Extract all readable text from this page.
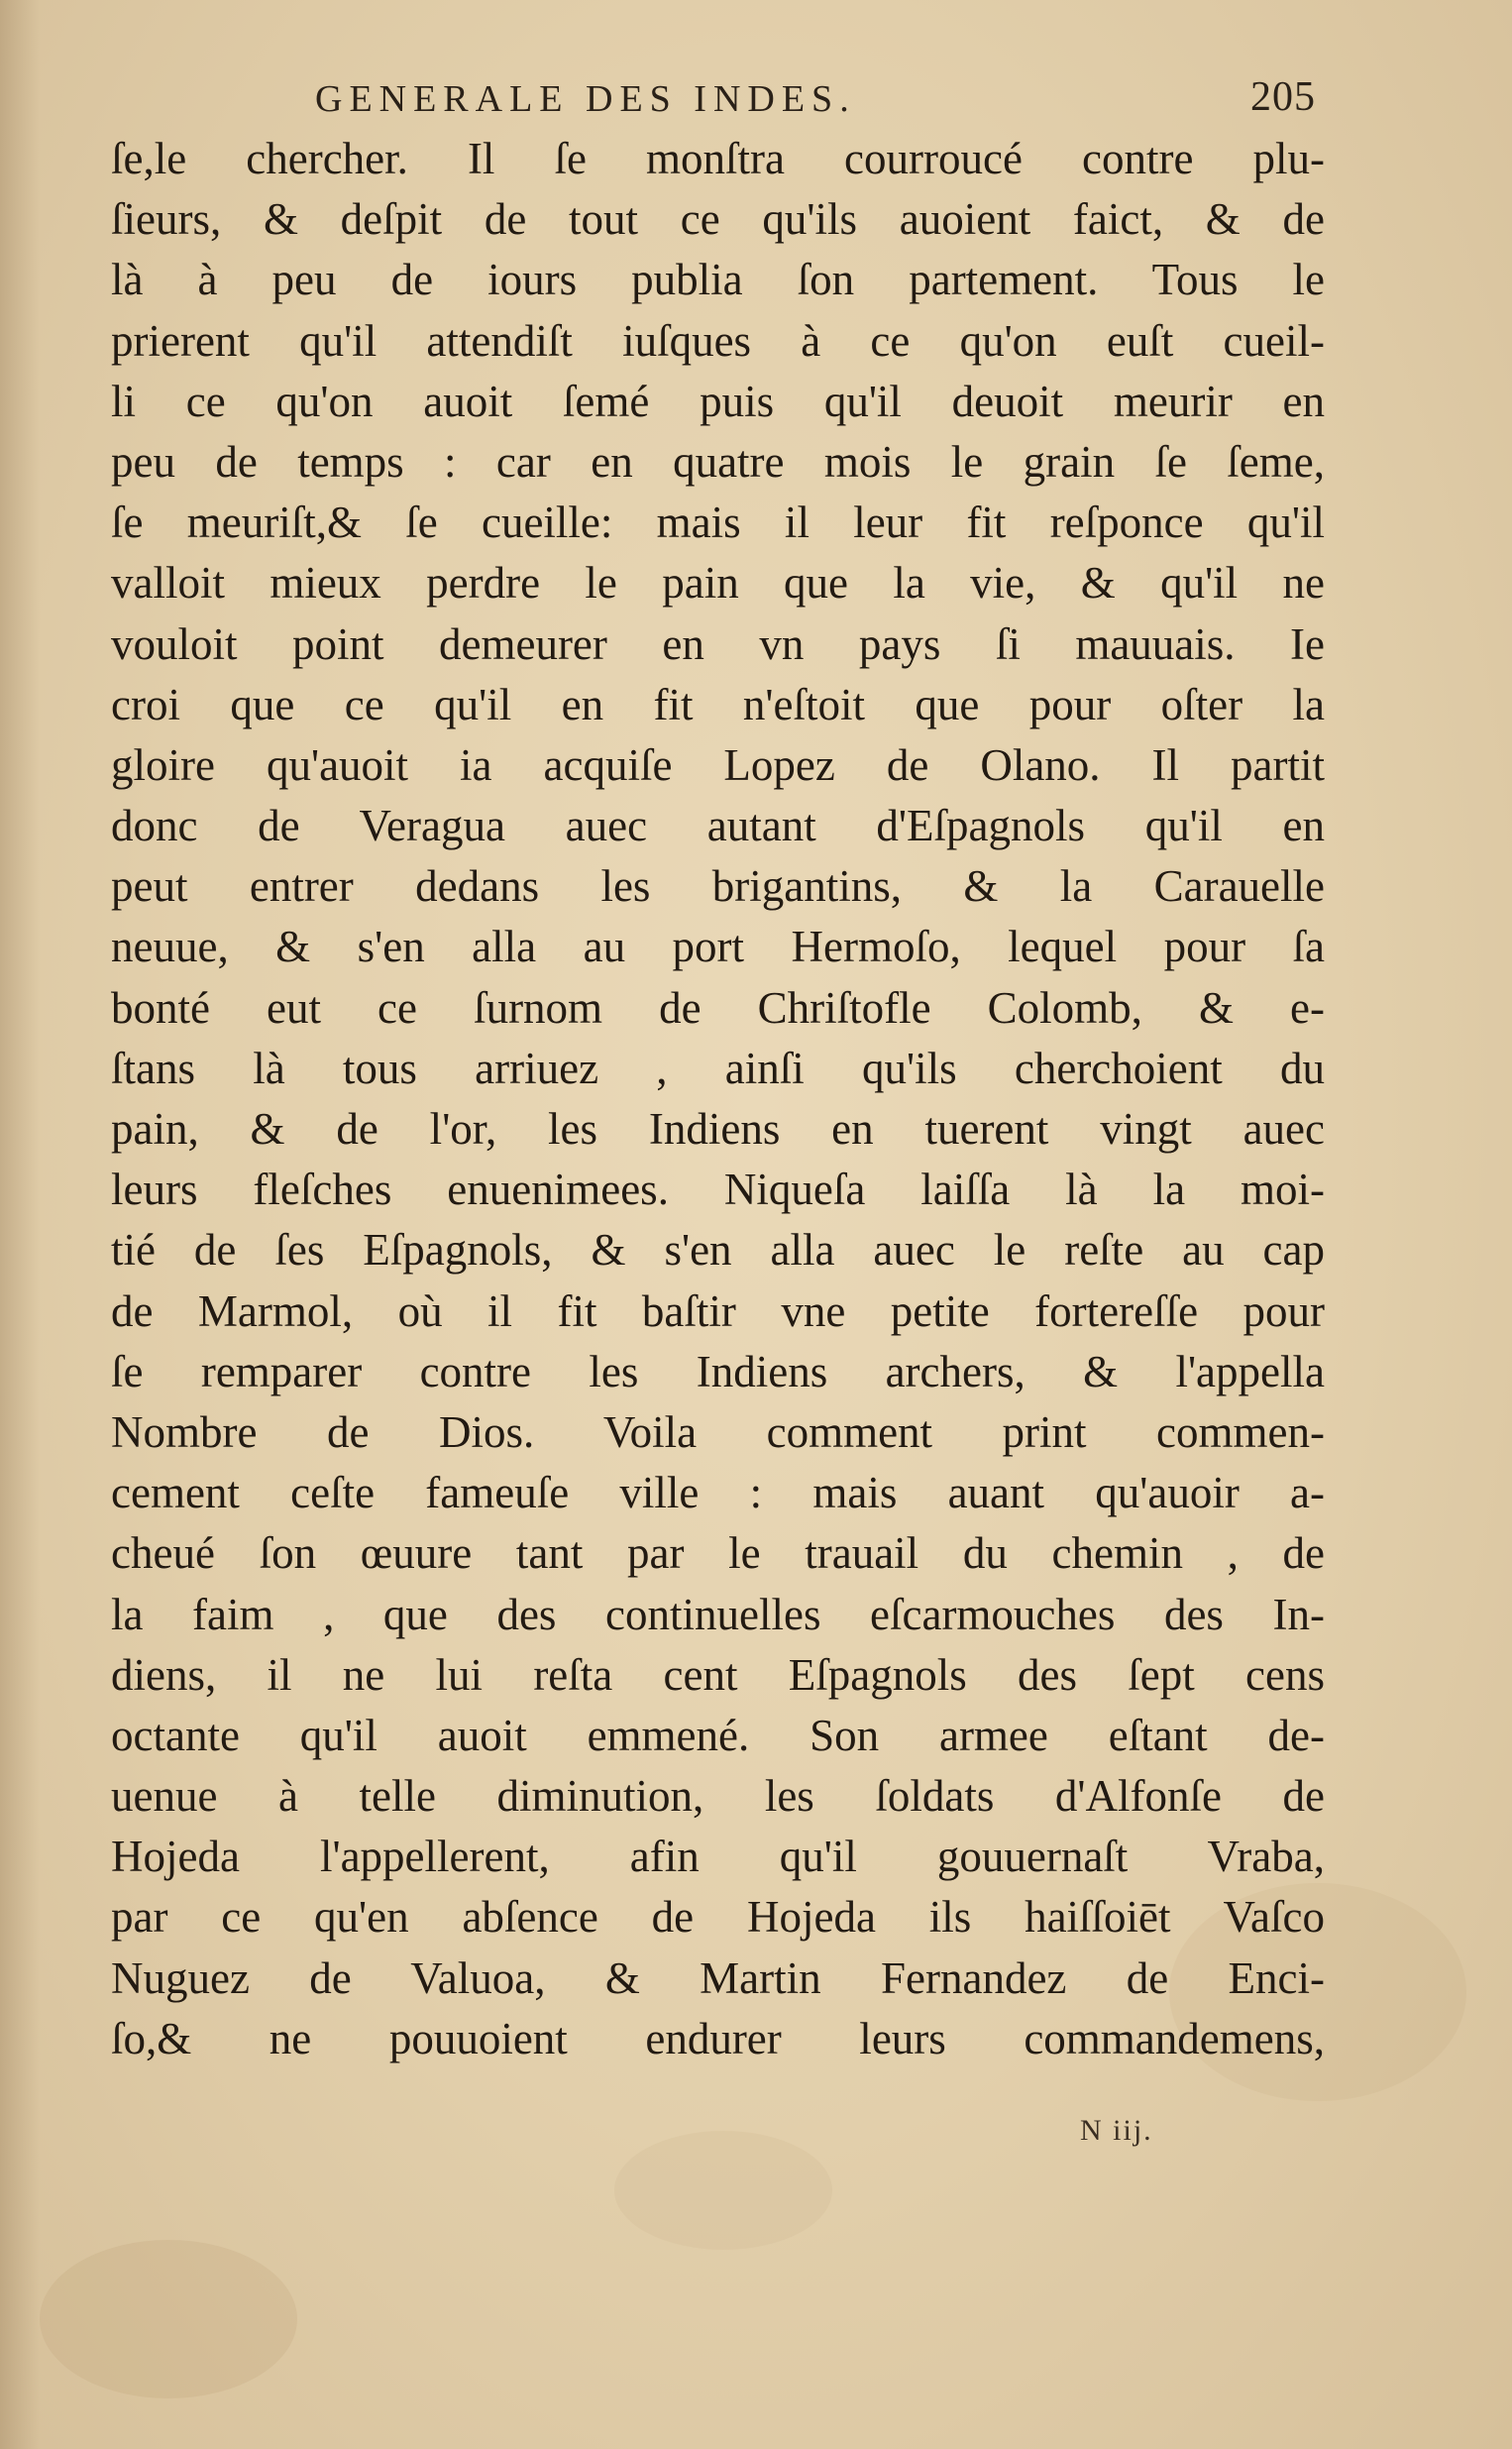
GENERALE DES INDES.	205
ſe,le chercher. Il ſe monſtra courroucé contre plu-
ſieurs, & deſpit de tout ce qu'ils auoient faict, & de
là à peu de iours publia ſon partement. Tous le
prierent qu'il attendiſt iuſques à ce qu'on euſt cueil-
li ce qu'on auoit ſemé puis qu'il deuoit meurir en
peu de temps : car en quatre mois le grain ſe ſeme,
ſe meuriſt,& ſe cueille: mais il leur fit reſponce qu'il
valloit mieux perdre le pain que la vie, & qu'il ne
vouloit point demeurer en vn pays ſi mauuais. Ie
croi que ce qu'il en fit n'eſtoit que pour oſter la
gloire qu'auoit ia acquiſe Lopez de Olano. Il partit
donc de Veragua auec autant d'Eſpagnols qu'il en
peut entrer dedans les brigantins, & la Carauelle
neuue, & s'en alla au port Hermoſo, lequel pour ſa
bonté eut ce ſurnom de Chriſtofle Colomb, & e-
ſtans là tous arriuez , ainſi qu'ils cherchoient du
pain, & de l'or, les Indiens en tuerent vingt auec
leurs fleſches enuenimees. Niqueſa laiſſa là la moi-
tié de ſes Eſpagnols, & s'en alla auec le reſte au cap
de Marmol, où il fit baſtir vne petite fortereſſe pour
ſe remparer contre les Indiens archers, & l'appella
Nombre de Dios. Voila comment print commen-
cement ceſte fameuſe ville : mais auant qu'auoir a-
cheué ſon œuure tant par le trauail du chemin , de
la faim , que des continuelles eſcarmouches des In-
diens, il ne lui reſta cent Eſpagnols des ſept cens
octante qu'il auoit emmené. Son armee eſtant de-
uenue à telle diminution, les ſoldats d'Alfonſe de
Hojeda l'appellerent, afin qu'il gouuernaſt Vraba,
par ce qu'en abſence de Hojeda ils haiſſoiēt Vaſco
Nuguez de Valuoa, & Martin Fernandez de Enci-
ſo,& ne pouuoient endurer leurs commandemens,
N iij.
